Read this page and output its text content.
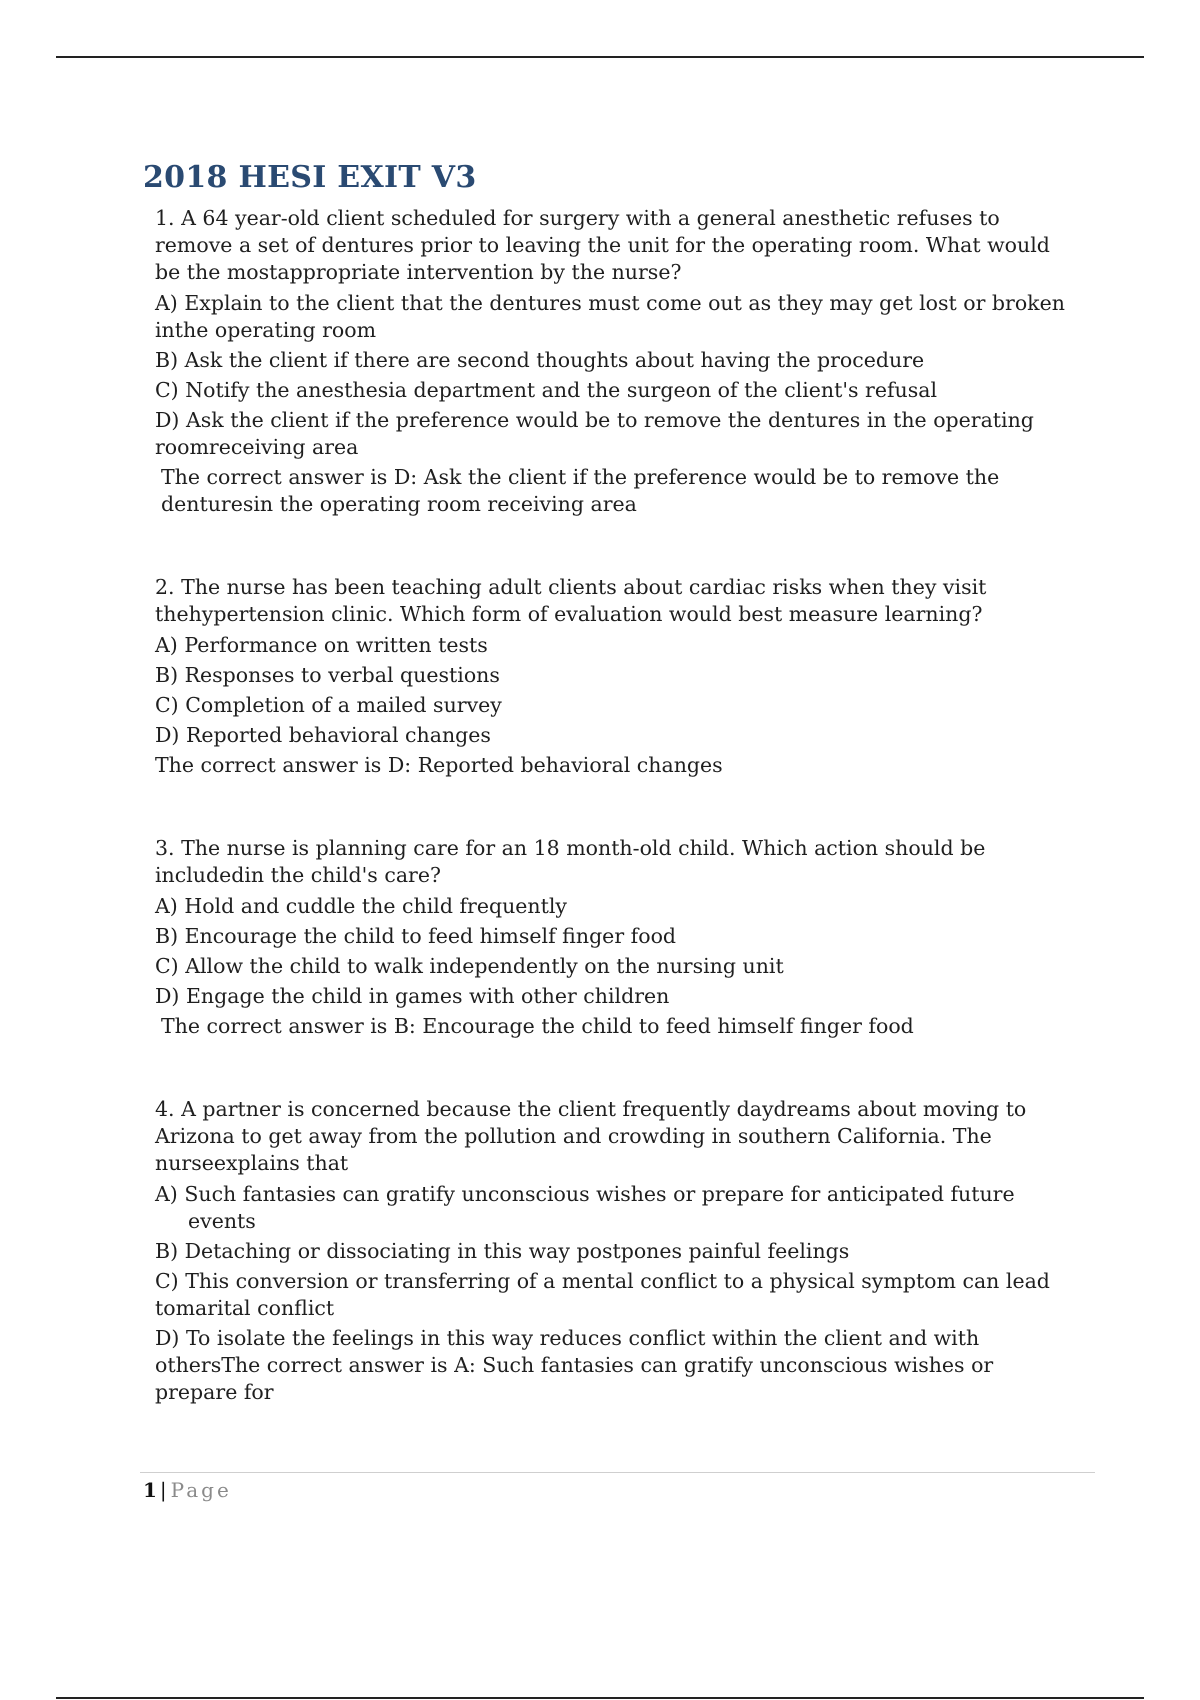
2018 HESI EXIT V3

1. A 64 year-old client scheduled for surgery with a general anesthetic refuses to remove a set of dentures prior to leaving the unit for the operating room. What would be the mostappropriate intervention by the nurse?

A) Explain to the client that the dentures must come out as they may get lost or broken inthe operating room

B) Ask the client if there are second thoughts about having the procedure

C) Notify the anesthesia department and the surgeon of the client's refusal

D) Ask the client if the preference would be to remove the dentures in the operating roomreceiving area

The correct answer is D: Ask the client if the preference would be to remove the denturesin the operating room receiving area

2. The nurse has been teaching adult clients about cardiac risks when they visit thehypertension clinic. Which form of evaluation would best measure learning?

A) Performance on written tests

B) Responses to verbal questions

C) Completion of a mailed survey

D) Reported behavioral changes

The correct answer is D: Reported behavioral changes

3. The nurse is planning care for an 18 month-old child. Which action should be includedin the child's care?

A) Hold and cuddle the child frequently

B) Encourage the child to feed himself finger food

C) Allow the child to walk independently on the nursing unit

D) Engage the child in games with other children

The correct answer is B: Encourage the child to feed himself finger food

4. A partner is concerned because the client frequently daydreams about moving to Arizona to get away from the pollution and crowding in southern California. The nurseexplains that

A) Such fantasies can gratify unconscious wishes or prepare for anticipated future events

B) Detaching or dissociating in this way postpones painful feelings

C) This conversion or transferring of a mental conflict to a physical symptom can lead tomarital conflict

D) To isolate the feelings in this way reduces conflict within the client and with othersThe correct answer is A: Such fantasies can gratify unconscious wishes or prepare for

1 | Page
